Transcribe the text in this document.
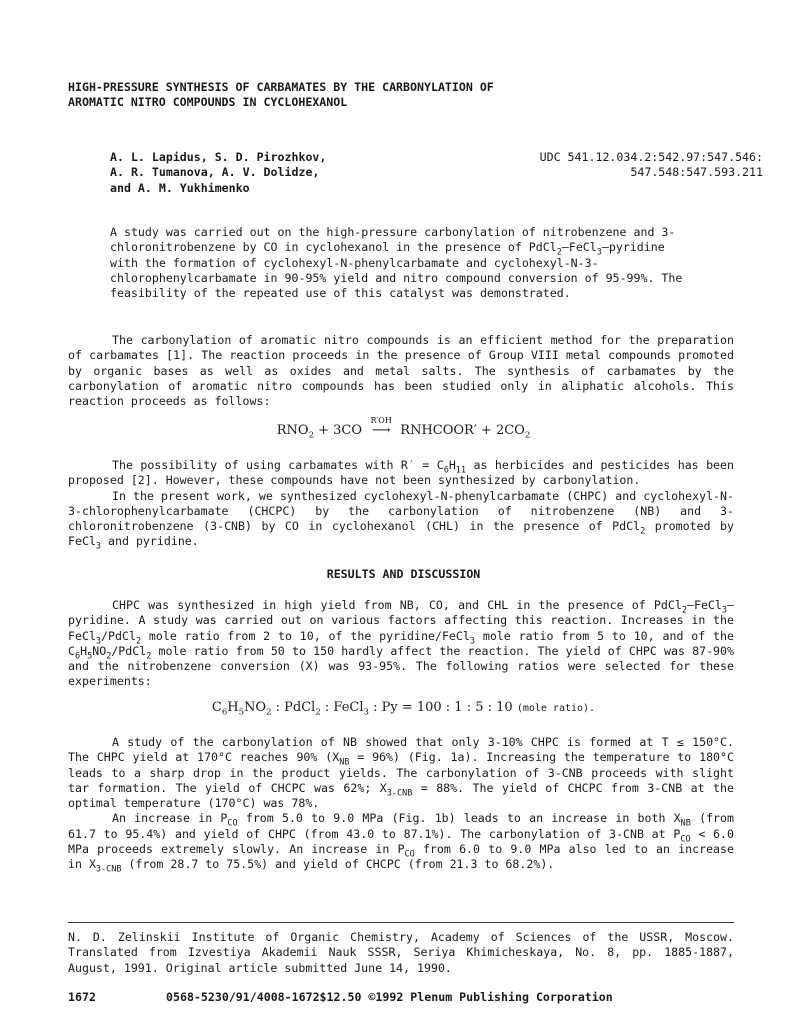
HIGH-PRESSURE SYNTHESIS OF CARBAMATES BY THE CARBONYLATION OF
AROMATIC NITRO COMPOUNDS IN CYCLOHEXANOL
A. L. Lapidus, S. D. Pirozhkov,
A. R. Tumanova, A. V. Dolidze,
and A. M. Yukhimenko
UDC 541.12.034.2:542.97:547.546:
547.548:547.593.211
A study was carried out on the high-pressure carbonylation of nitrobenzene and 3-chloronitrobenzene by CO in cyclohexanol in the presence of PdCl$_2$–FeCl$_3$–pyridine with the formation of cyclohexyl-N-phenylcarbamate and cyclohexyl-N-3-chlorophenylcarbamate in 90-95% yield and nitro compound conversion of 95-99%. The feasibility of the repeated use of this catalyst was demonstrated.

The carbonylation of aromatic nitro compounds is an efficient method for the preparation of carbamates [1]. The reaction proceeds in the presence of Group VIII metal compounds promoted by organic bases as well as oxides and metal salts. The synthesis of carbamates by the carbonylation of aromatic nitro compounds has been studied only in aliphatic alcohols. This reaction proceeds as follows:

$RNO_2 + 3CO$
R′OH
⟶ RNHCOOR′ + $2CO_2$

The possibility of using carbamates with $R' = C_6H_{11}$ as herbicides and pesticides has been proposed [2]. However, these compounds have not been synthesized by carbonylation.

In the present work, we synthesized cyclohexyl-N-phenylcarbamate (CHPC) and cyclohexyl-N-3-chlorophenylcarbamate (CHCPC) by the carbonylation of nitrobenzene (NB) and 3-chloronitrobenzene (3-CNB) by CO in cyclohexanol (CHL) in the presence of PdCl$_2$ promoted by FeCl$_3$ and pyridine.

RESULTS AND DISCUSSION

CHPC was synthesized in high yield from NB, CO, and CHL in the presence of PdCl$_2$–FeCl$_3$–pyridine. A study was carried out on various factors affecting this reaction. Increases in the FeCl$_3$/PdCl$_2$ mole ratio from 2 to 10, of the pyridine/FeCl$_3$ mole ratio from 5 to 10, and of the $C_6H_5NO_2/PdCl_2$ mole ratio from 50 to 150 hardly affect the reaction. The yield of CHPC was 87-90% and the nitrobenzene conversion (X) was 93-95%. The following ratios were selected for these experiments:

$C_6H_5NO_2$ : PdCl$_2$ : FeCl$_3$ : Py = 100 : 1 : 5 : 10 (mole ratio).

A study of the carbonylation of NB showed that only 3-10% CHPC is formed at T ≤ 150°C. The CHPC yield at 170°C reaches 90% $(X_{NB} = 96\%)$ (Fig. 1a). Increasing the temperature to 180°C leads to a sharp drop in the product yields. The carbonylation of 3-CNB proceeds with slight tar formation. The yield of CHCPC was 62%; $X_{3-CNB} = 88\%$. The yield of CHCPC from 3-CNB at the optimal temperature (170°C) was 78%.

An increase in $P_{CO}$ from 5.0 to 9.0 MPa (Fig. 1b) leads to an increase in both $X_{NB}$ (from 61.7 to 95.4%) and yield of CHPC (from 43.0 to 87.1%). The carbonylation of 3-CNB at $P_{CO} < 6.0$ MPa proceeds extremely slowly. An increase in $P_{CO}$ from 6.0 to 9.0 MPa also led to an increase in $X_{3-CNB}$ (from 28.7 to 75.5%) and yield of CHCPC (from 21.3 to 68.2%).

N. D. Zelinskii Institute of Organic Chemistry, Academy of Sciences of the USSR, Moscow. Translated from Izvestiya Akademii Nauk SSSR, Seriya Khimicheskaya, No. 8, pp. 1885-1887, August, 1991. Original article submitted June 14, 1990.
1672	0568-5230/91/4008-1672$12.50 ©1992 Plenum Publishing Corporation
